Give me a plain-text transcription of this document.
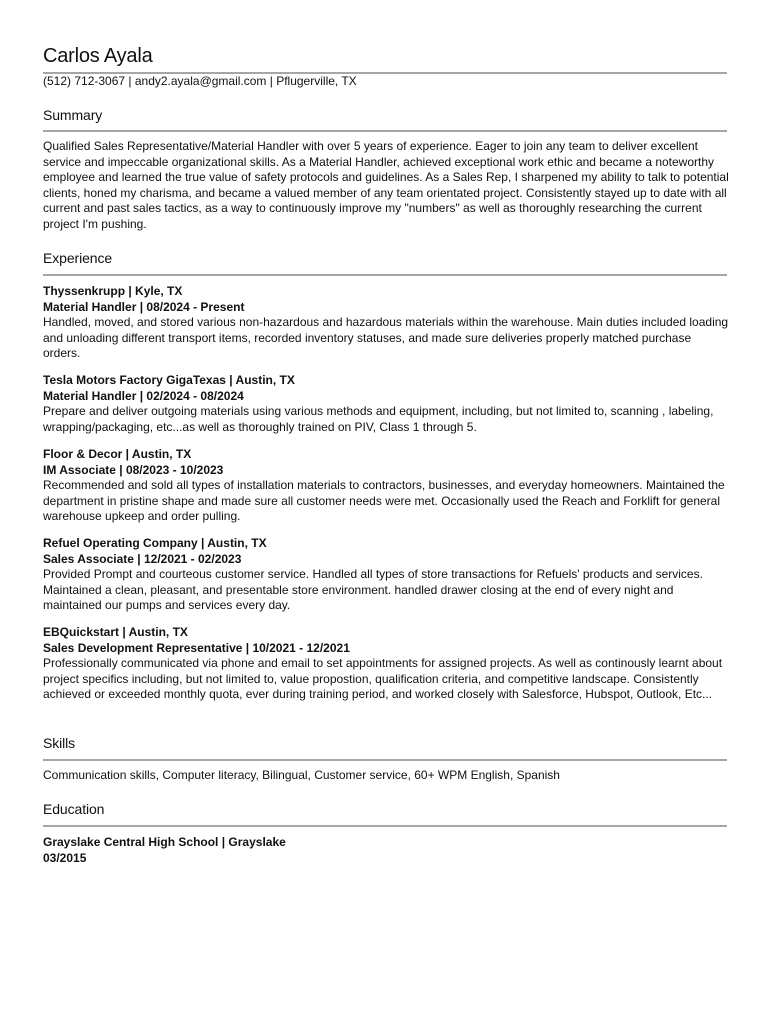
Carlos Ayala
(512) 712-3067 | andy2.ayala@gmail.com | Pflugerville, TX
Summary
Qualified Sales Representative/Material Handler with over 5 years of experience. Eager to join any team to deliver excellent service and impeccable organizational skills. As a Material Handler, achieved exceptional work ethic and became a noteworthy employee and learned the true value of safety protocols and guidelines. As a Sales Rep, I sharpened my ability to talk to potential clients, honed my charisma, and became a valued member of any team orientated project. Consistently stayed up to date with all current and past sales tactics, as a way to continuously improve my "numbers" as well as thoroughly researching the current project I'm pushing.
Experience
Thyssenkrupp | Kyle, TX
Material Handler | 08/2024 - Present
Handled, moved, and stored various non-hazardous and hazardous materials within the warehouse. Main duties included loading and unloading different transport items, recorded inventory statuses, and made sure deliveries properly matched purchase orders.
Tesla Motors Factory GigaTexas | Austin, TX
Material Handler | 02/2024 - 08/2024
Prepare and deliver outgoing materials using various methods and equipment, including, but not limited to, scanning , labeling, wrapping/packaging, etc...as well as thoroughly trained on PIV, Class 1 through 5.
Floor & Decor | Austin, TX
IM Associate | 08/2023 - 10/2023
Recommended and sold all types of installation materials to contractors, businesses, and everyday homeowners. Maintained the department in pristine shape and made sure all customer needs were met. Occasionally used the Reach and Forklift for general warehouse upkeep and order pulling.
Refuel Operating Company | Austin, TX
Sales Associate | 12/2021 - 02/2023
Provided Prompt and courteous customer service. Handled all types of store transactions for Refuels' products and services. Maintained a clean, pleasant, and presentable store environment. handled drawer closing at the end of every night and maintained our pumps and services every day.
EBQuickstart | Austin, TX
Sales Development Representative | 10/2021 - 12/2021
Professionally communicated via phone and email to set appointments for assigned projects. As well as continously learnt about project specifics including, but not limited to, value propostion, qualification criteria, and competitive landscape. Consistently achieved or exceeded monthly quota, ever during training period, and worked closely with Salesforce, Hubspot, Outlook, Etc...
Skills
Communication skills, Computer literacy, Bilingual, Customer service, 60+ WPM English, Spanish
Education
Grayslake Central High School | Grayslake
03/2015
